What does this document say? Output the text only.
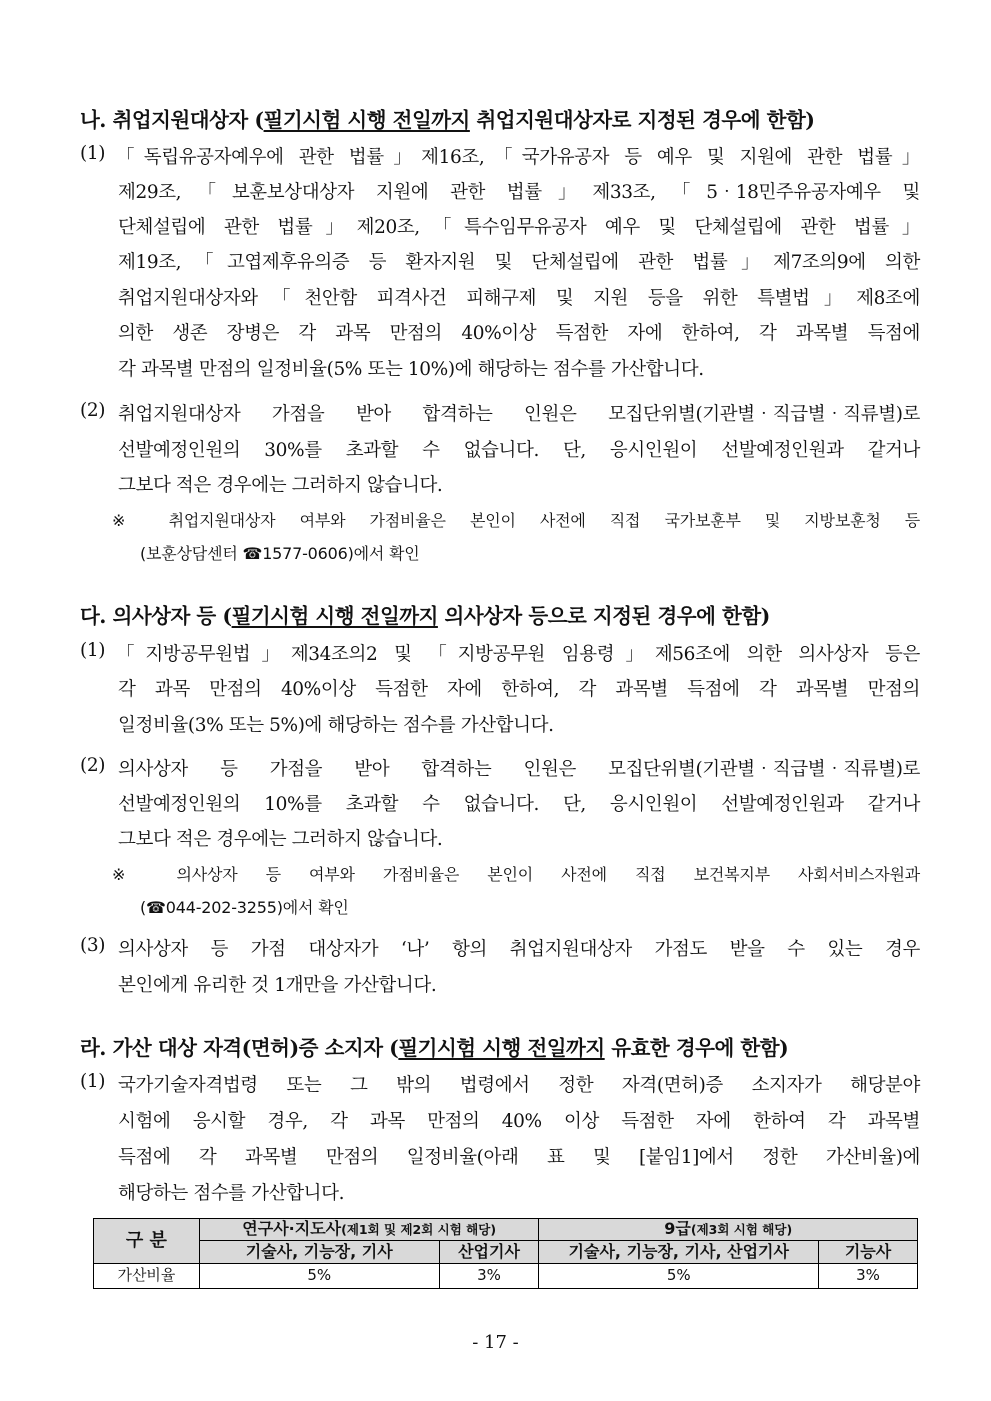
나. 취업지원대상자 (필기시험 시행 전일까지 취업지원대상자로 지정된 경우에 한함)
(1) 「독립유공자예우에 관한 법률」제16조,「국가유공자 등 예우 및 지원에 관한 법률」
제29조,「보훈보상대상자 지원에 관한 법률」제33조,「5‧18민주유공자예우 및
단체설립에 관한 법률」제20조,「특수임무유공자 예우 및 단체설립에 관한 법률」
제19조,「고엽제후유의증 등 환자지원 및 단체설립에 관한 법률」제7조의9에 의한
취업지원대상자와「천안함 피격사건 피해구제 및 지원 등을 위한 특별법」제8조에
의한 생존 장병은 각 과목 만점의 40%이상 득점한 자에 한하여, 각 과목별 득점에
각 과목별 만점의 일정비율(5% 또는 10%)에 해당하는 점수를 가산합니다.
(2) 취업지원대상자 가점을 받아 합격하는 인원은 모집단위별(기관별‧직급별‧직류별)로
선발예정인원의 30%를 초과할 수 없습니다. 단, 응시인원이 선발예정인원과 같거나
그보다 적은 경우에는 그러하지 않습니다.
※ 취업지원대상자 여부와 가점비율은 본인이 사전에 직접 국가보훈부 및 지방보훈청 등
(보훈상담센터 ☎1577-0606)에서 확인
다. 의사상자 등 (필기시험 시행 전일까지 의사상자 등으로 지정된 경우에 한함)
(1) 「지방공무원법」제34조의2 및 「지방공무원 임용령」제56조에 의한 의사상자 등은
각 과목 만점의 40%이상 득점한 자에 한하여, 각 과목별 득점에 각 과목별 만점의
일정비율(3% 또는 5%)에 해당하는 점수를 가산합니다.
(2) 의사상자 등 가점을 받아 합격하는 인원은 모집단위별(기관별‧직급별‧직류별)로
선발예정인원의 10%를 초과할 수 없습니다. 단, 응시인원이 선발예정인원과 같거나
그보다 적은 경우에는 그러하지 않습니다.
※ 의사상자 등 여부와 가점비율은 본인이 사전에 직접 보건복지부 사회서비스자원과
(☎044-202-3255)에서 확인
(3) 의사상자 등 가점 대상자가 ‘나’ 항의 취업지원대상자 가점도 받을 수 있는 경우
본인에게 유리한 것 1개만을 가산합니다.
라. 가산 대상 자격(면허)증 소지자 (필기시험 시행 전일까지 유효한 경우에 한함)
(1) 국가기술자격법령 또는 그 밖의 법령에서 정한 자격(면허)증 소지자가 해당분야
시험에 응시할 경우, 각 과목 만점의 40% 이상 득점한 자에 한하여 각 과목별
득점에 각 과목별 만점의 일정비율(아래 표 및 [붙임1]에서 정한 가산비율)에
해당하는 점수를 가산합니다.
구 분	연구사·지도사(제1회 및 제2회 시험 해당)		9급(제3회 시험 해당)	
	기술사, 기능장, 기사	산업기사	기술사, 기능장, 기사, 산업기사	기능사
가산비율	5%	3%	5%	3%
- 17 -
